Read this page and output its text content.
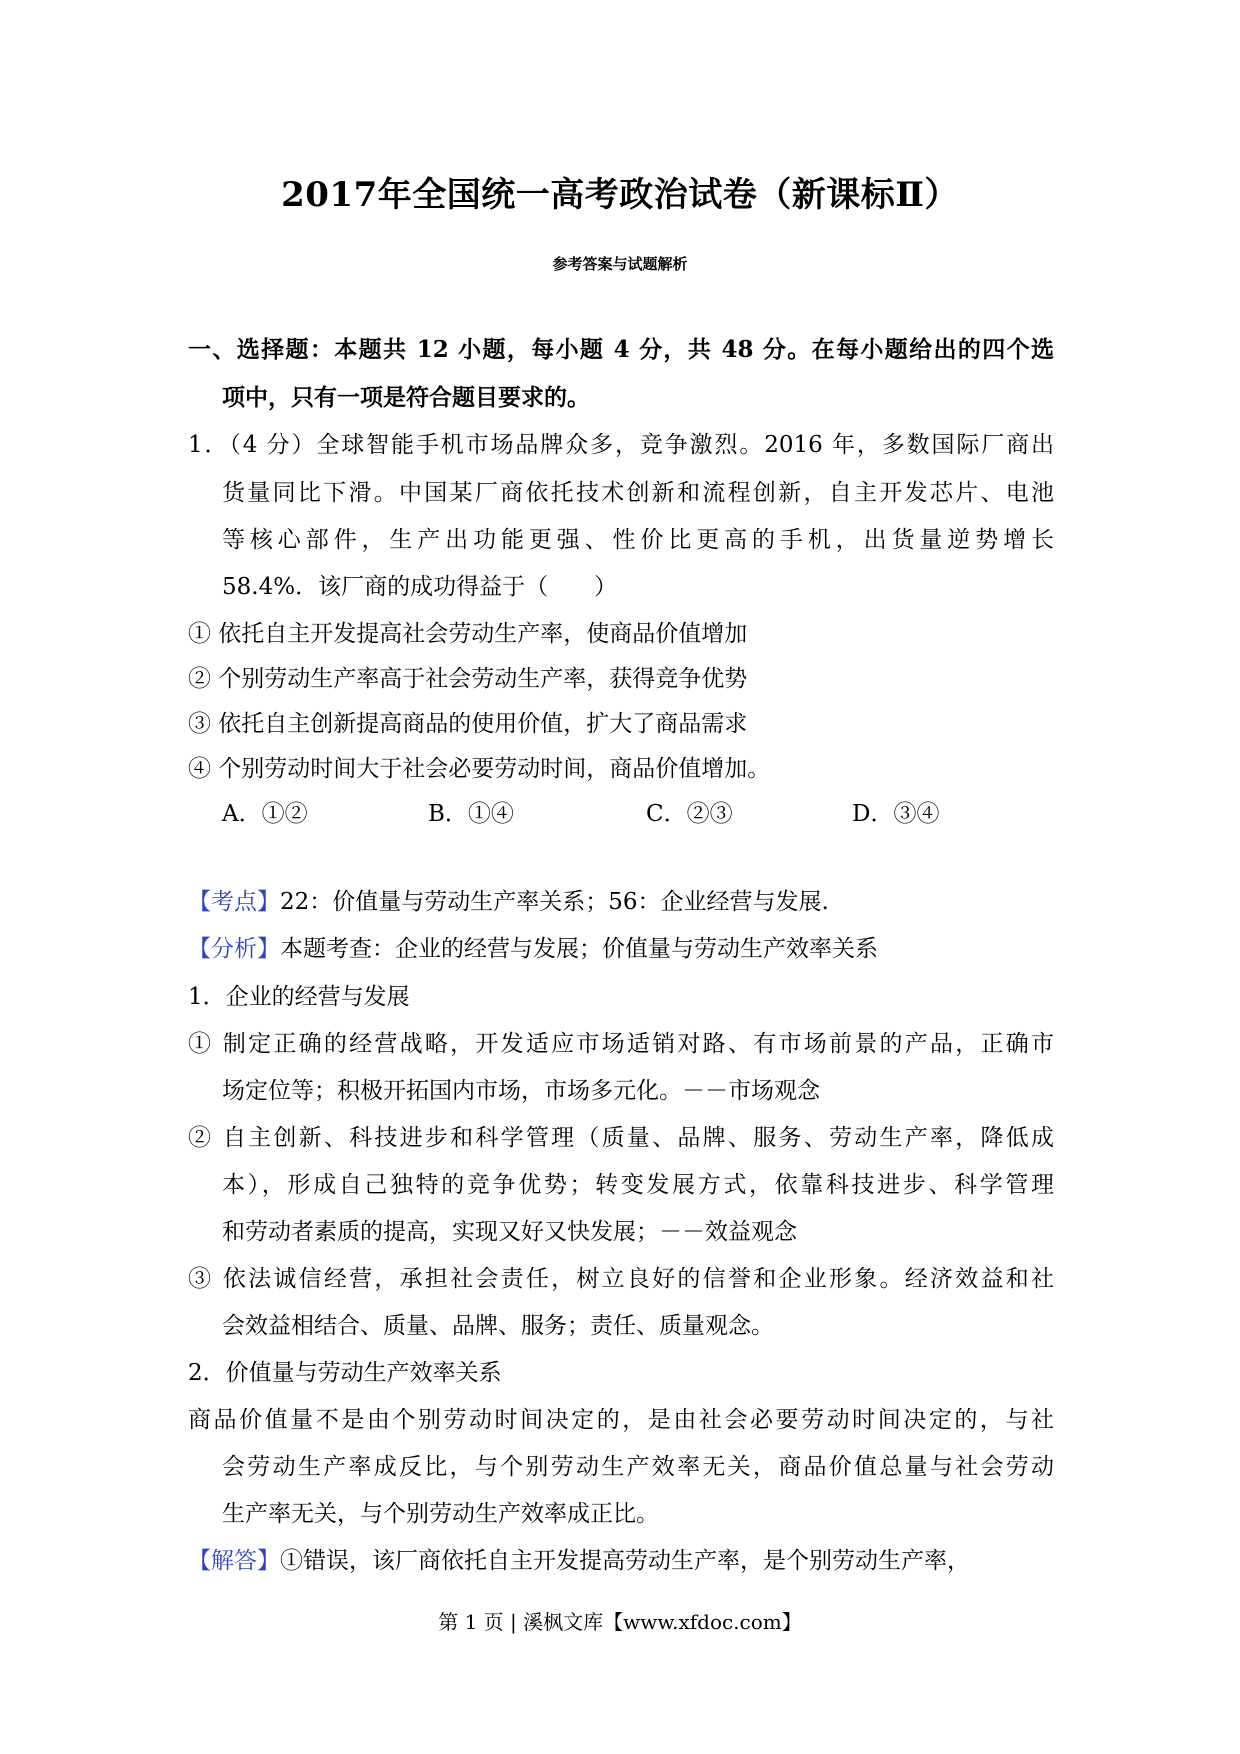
2017年全国统一高考政治试卷（新课标Ⅱ）
参考答案与试题解析
一、选择题：本题共 12 小题，每小题 4 分，共 48 分。在每小题给出的四个选
项中，只有一项是符合题目要求的。
1．（4 分）全球智能手机市场品牌众多，竞争激烈。2016 年，多数国际厂商出
货量同比下滑。中国某厂商依托技术创新和流程创新，自主开发芯片、电池
等核心部件，生产出功能更强、性价比更高的手机，出货量逆势增长
58.4%．该厂商的成功得益于（　　）
① 依托自主开发提高社会劳动生产率，使商品价值增加
② 个别劳动生产率高于社会劳动生产率，获得竞争优势
③ 依托自主创新提高商品的使用价值，扩大了商品需求
④ 个别劳动时间大于社会必要劳动时间，商品价值增加。
A．①②	B．①④	C．②③	D．③④
【考点】22：价值量与劳动生产率关系；56：企业经营与发展.
【分析】本题考查：企业的经营与发展；价值量与劳动生产效率关系
1．企业的经营与发展
① 制定正确的经营战略，开发适应市场适销对路、有市场前景的产品，正确市
场定位等；积极开拓国内市场，市场多元化。－－市场观念
② 自主创新、科技进步和科学管理（质量、品牌、服务、劳动生产率，降低成
本），形成自己独特的竞争优势；转变发展方式，依靠科技进步、科学管理
和劳动者素质的提高，实现又好又快发展；－－效益观念
③ 依法诚信经营，承担社会责任，树立良好的信誉和企业形象。经济效益和社
会效益相结合、质量、品牌、服务；责任、质量观念。
2．价值量与劳动生产效率关系
商品价值量不是由个别劳动时间决定的，是由社会必要劳动时间决定的，与社
会劳动生产率成反比，与个别劳动生产效率无关，商品价值总量与社会劳动
生产率无关，与个别劳动生产效率成正比。
【解答】①错误，该厂商依托自主开发提高劳动生产率，是个别劳动生产率，
第 1 页 | 溪枫文库【www.xfdoc.com】
